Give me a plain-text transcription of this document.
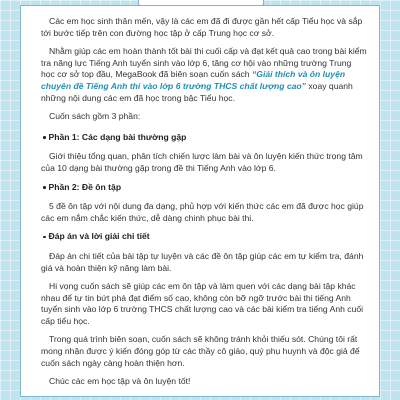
Các em học sinh thân mến, vậy là các em đã đi được gần hết cấp Tiểu học và sắp tới bước tiếp trên con đường học tập ở cấp Trung học cơ sở.

Nhằm giúp các em hoàn thành tốt bài thi cuối cấp và đạt kết quả cao trong bài kiểm tra năng lực Tiếng Anh tuyển sinh vào lớp 6, tăng cơ hội vào những trường Trung học cơ sở top đầu, MegaBook đã biên soạn cuốn sách “Giải thích và ôn luyện chuyên đề Tiếng Anh thi vào lớp 6 trường THCS chất lượng cao” xoay quanh những nội dung các em đã học trong bậc Tiểu học.

Cuốn sách gồm 3 phần:

Phần 1: Các dạng bài thường gặp

Giới thiệu tổng quan, phân tích chiến lược làm bài và ôn luyện kiến thức trọng tâm của 10 dạng bài thường gặp trong đề thi Tiếng Anh vào lớp 6.

Phần 2: Đề ôn tập

5 đề ôn tập với nội dung đa dạng, phủ hợp với kiến thức các em đã được học giúp các em nắm chắc kiến thức, dễ dàng chinh phục bài thi.

Đáp án và lời giải chi tiết

Đáp án chi tiết của bài tập tự luyện và các đề ôn tập giúp các em tự kiểm tra, đánh giá và hoàn thiện kỹ năng làm bài.

Hi vọng cuốn sách sẽ giúp các em ôn tập và làm quen với các dạng bài tập khác nhau để tự tin bứt phá đạt điểm số cao, không còn bỡ ngỡ trước bài thi tiếng Anh tuyển sinh vào lớp 6 trường THCS chất lượng cao và các bài kiểm tra tiếng Anh cuối cấp tiểu học.

Trong quá trình biên soạn, cuốn sách sẽ không tránh khỏi thiếu sót. Chúng tôi rất mong nhận được ý kiến đóng góp từ các thầy cô giáo, quý phụ huynh và độc giả để cuốn sách ngày càng hoàn thiện hơn.

Chúc các em học tập và ôn luyện tốt!
